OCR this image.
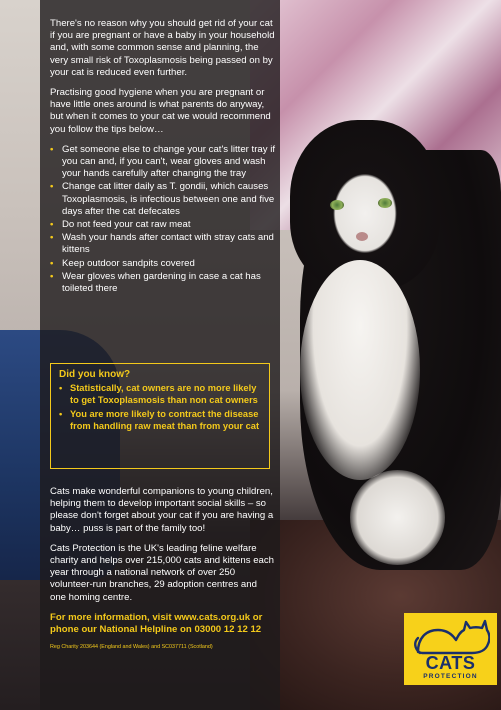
There's no reason why you should get rid of your cat if you are pregnant or have a baby in your household and, with some common sense and planning, the very small risk of Toxoplasmosis being passed on by your cat is reduced even further.

Practising good hygiene when you are pregnant or have little ones around is what parents do anyway, but when it comes to your cat we would recommend you follow the tips below…

• Get someone else to change your cat's litter tray if you can and, if you can't, wear gloves and wash your hands carefully after changing the tray
• Change cat litter daily as T. gondii, which causes Toxoplasmosis, is infectious between one and five days after the cat defecates
• Do not feed your cat raw meat
• Wash your hands after contact with stray cats and kittens
• Keep outdoor sandpits covered
• Wear gloves when gardening in case a cat has toileted there
Did you know?
• Statistically, cat owners are no more likely to get Toxoplasmosis than non cat owners
• You are more likely to contract the disease from handling raw meat than from your cat

Cats make wonderful companions to young children, helping them to develop important social skills – so please don't forget about your cat if you are having a baby… puss is part of the family too!

Cats Protection is the UK's leading feline welfare charity and helps over 215,000 cats and kittens each year through a national network of over 250 volunteer-run branches, 29 adoption centres and one homing centre.

For more information, visit www.cats.org.uk or phone our National Helpline on 03000 12 12 12

Reg Charity 203644 (England and Wales) and SC037711 (Scotland)

CATS
PROTECTION
